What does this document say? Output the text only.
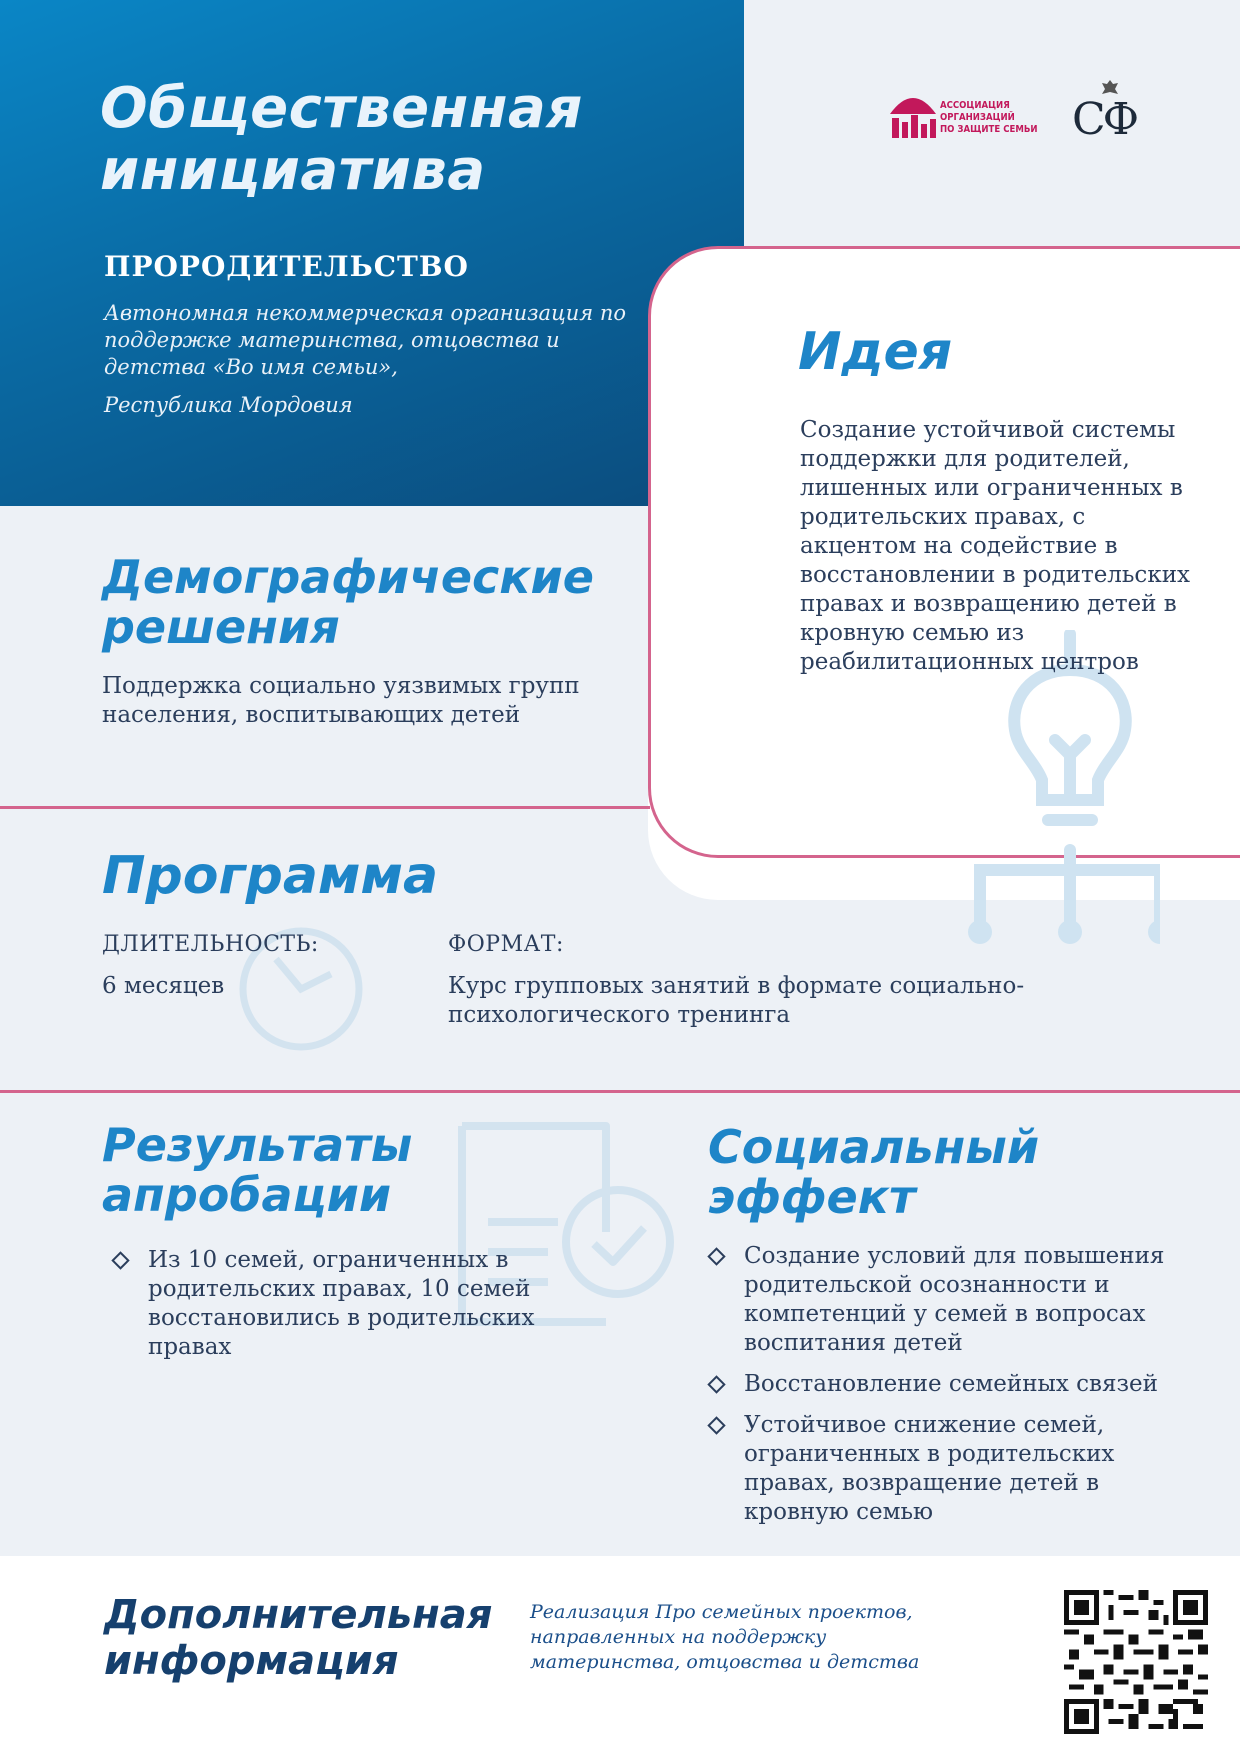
Общественная
инициатива
ПРОРОДИТЕЛЬСТВО
Автономная некоммерческая организация по поддержке материнства, отцовства и детства «Во имя семьи»,
Республика Мордовия
АССОЦИАЦИЯ
ОРГАНИЗАЦИЙ
ПО ЗАЩИТЕ СЕМЬИ СФ
Идея
Создание устойчивой системы поддержки для родителей, лишенных или ограниченных в родительских правах, с акцентом на содействие в восстановлении в родительских правах и возвращению детей в кровную семью из реабилитационных центров
Демографические
решения
Поддержка социально уязвимых групп населения, воспитывающих детей
Программа
ДЛИТЕЛЬНОСТЬ:
6 месяцев
ФОРМАТ:
Курс групповых занятий в формате социально-психологического тренинга
Результаты
апробации
Из 10 семей, ограниченных в родительских правах, 10 семей восстановились в родительских правах
Социальный
эффект
Создание условий для повышения родительской осознанности и компетенций у семей в вопросах воспитания детей
Восстановление семейных связей
Устойчивое снижение семей, ограниченных в родительских правах, возвращение детей в кровную семью
Дополнительная
информация
Реализация Про семейных проектов, направленных на поддержку материнства, отцовства и детства
